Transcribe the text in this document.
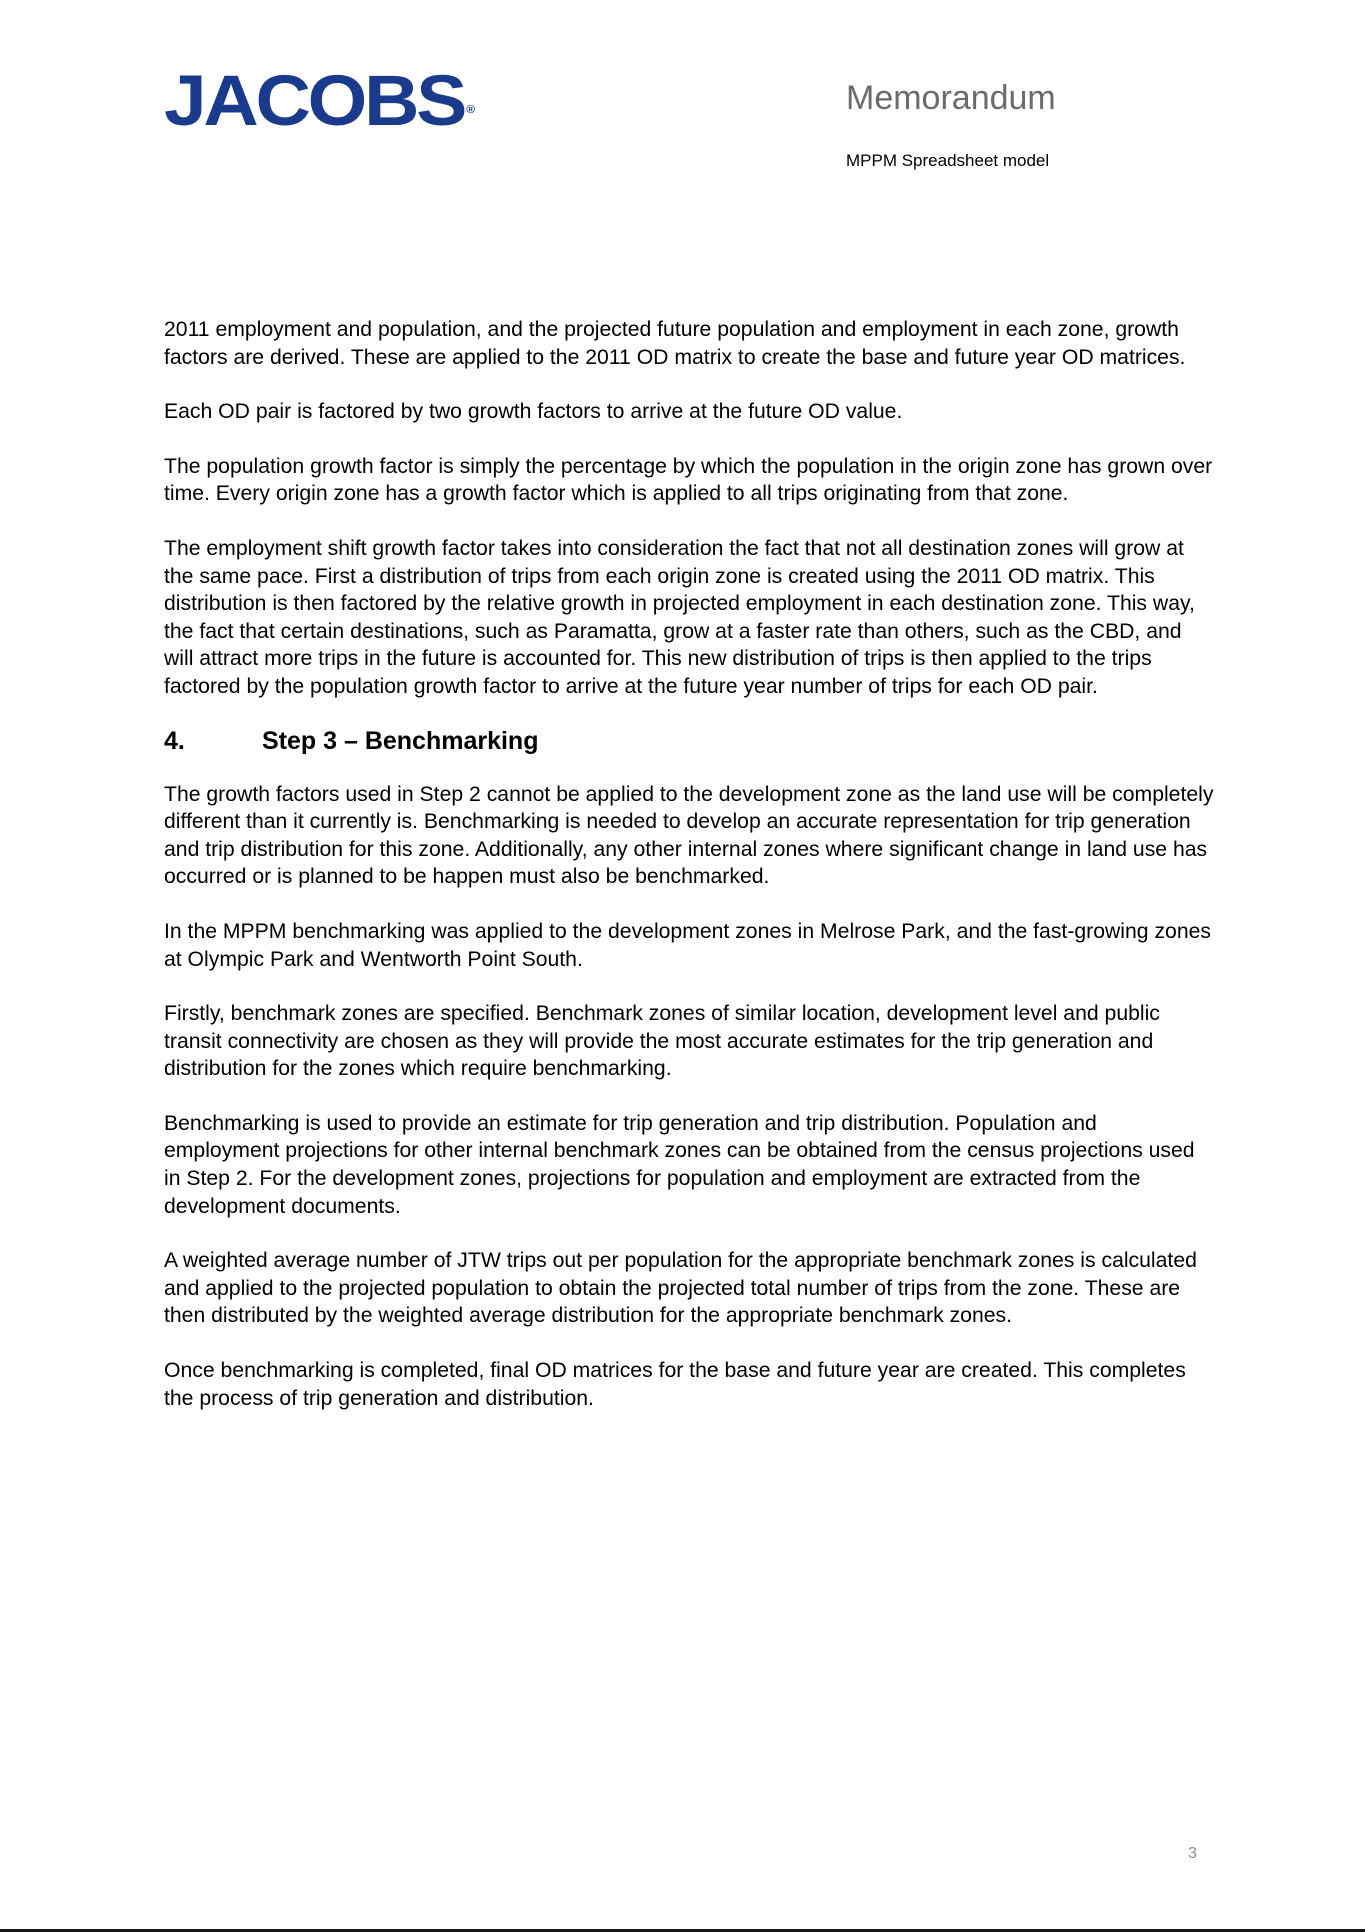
JACOBS ®	Memorandum
MPPM Spreadsheet model

2011 employment and population, and the projected future population and employment in each zone, growth factors are derived. These are applied to the 2011 OD matrix to create the base and future year OD matrices.

Each OD pair is factored by two growth factors to arrive at the future OD value.

The population growth factor is simply the percentage by which the population in the origin zone has grown over time. Every origin zone has a growth factor which is applied to all trips originating from that zone.

The employment shift growth factor takes into consideration the fact that not all destination zones will grow at the same pace. First a distribution of trips from each origin zone is created using the 2011 OD matrix. This distribution is then factored by the relative growth in projected employment in each destination zone. This way, the fact that certain destinations, such as Paramatta, grow at a faster rate than others, such as the CBD, and will attract more trips in the future is accounted for. This new distribution of trips is then applied to the trips factored by the population growth factor to arrive at the future year number of trips for each OD pair.

4.	Step 3 – Benchmarking

The growth factors used in Step 2 cannot be applied to the development zone as the land use will be completely different than it currently is. Benchmarking is needed to develop an accurate representation for trip generation and trip distribution for this zone. Additionally, any other internal zones where significant change in land use has occurred or is planned to be happen must also be benchmarked.

In the MPPM benchmarking was applied to the development zones in Melrose Park, and the fast-growing zones at Olympic Park and Wentworth Point South.

Firstly, benchmark zones are specified. Benchmark zones of similar location, development level and public transit connectivity are chosen as they will provide the most accurate estimates for the trip generation and distribution for the zones which require benchmarking.

Benchmarking is used to provide an estimate for trip generation and trip distribution. Population and employment projections for other internal benchmark zones can be obtained from the census projections used in Step 2. For the development zones, projections for population and employment are extracted from the development documents.

A weighted average number of JTW trips out per population for the appropriate benchmark zones is calculated and applied to the projected population to obtain the projected total number of trips from the zone. These are then distributed by the weighted average distribution for the appropriate benchmark zones.

Once benchmarking is completed, final OD matrices for the base and future year are created. This completes the process of trip generation and distribution.

3
